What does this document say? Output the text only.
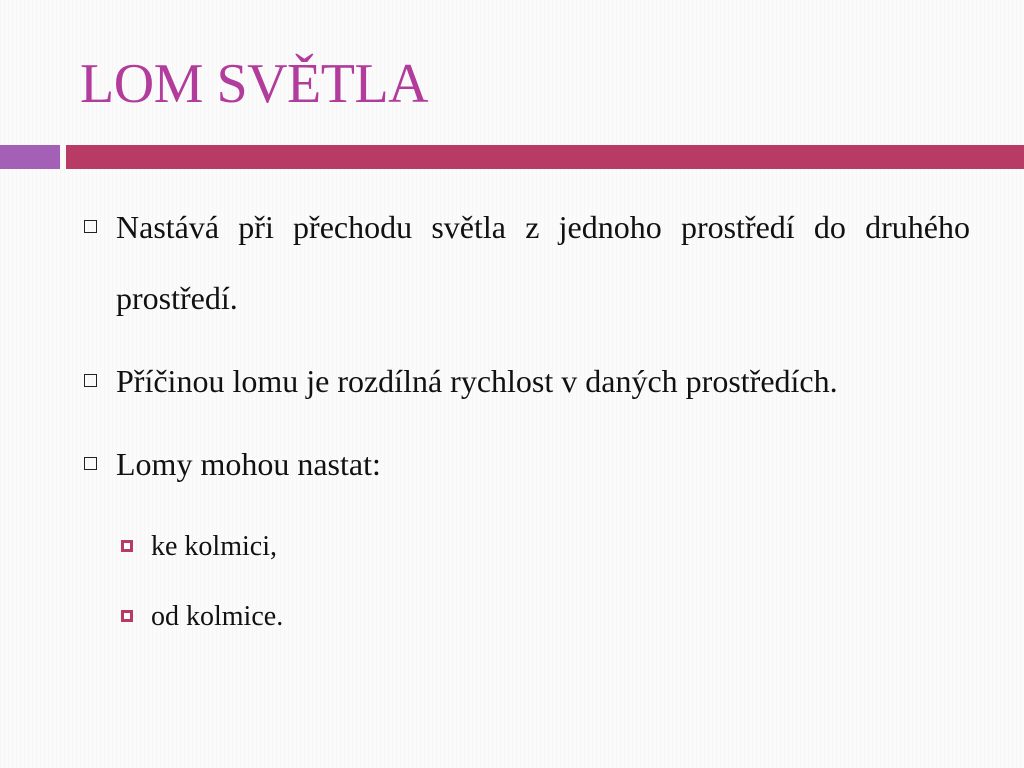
LOM SVĚTLA
Nastává při přechodu světla z jednoho prostředí do druhého prostředí.
Příčinou lomu je rozdílná rychlost v daných prostředích.
Lomy mohou nastat:
ke kolmici,
od kolmice.
